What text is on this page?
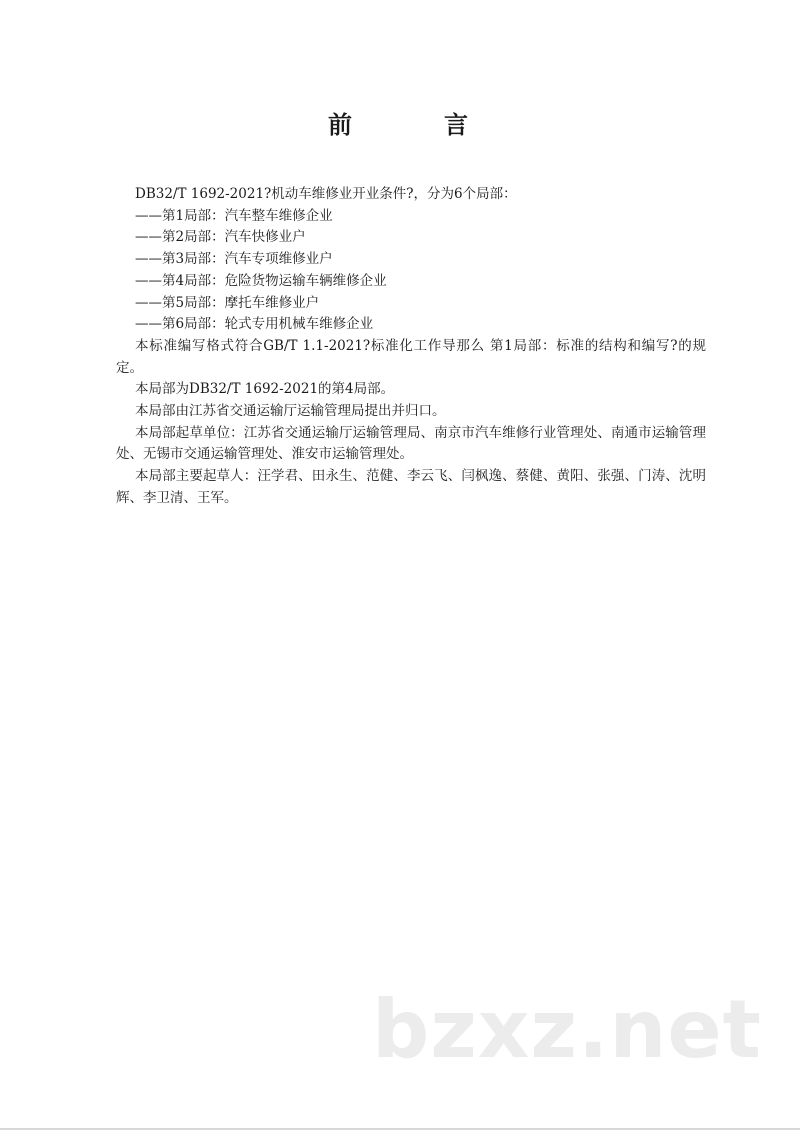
前　言

DB32/T 1692-2021?机动车维修业开业条件?，分为6个局部：

——第1局部：汽车整车维修企业

——第2局部：汽车快修业户

——第3局部：汽车专项维修业户

——第4局部：危险货物运输车辆维修企业

——第5局部：摩托车维修业户

——第6局部：轮式专用机械车维修企业

本标准编写格式符合GB/T 1.1-2021?标准化工作导那么 第1局部：标准的结构和编写?的规定。

本局部为DB32/T 1692-2021的第4局部。

本局部由江苏省交通运输厅运输管理局提出并归口。

本局部起草单位：江苏省交通运输厅运输管理局、南京市汽车维修行业管理处、南通市运输管理处、无锡市交通运输管理处、淮安市运输管理处。

本局部主要起草人：汪学君、田永生、范健、李云飞、闫枫逸、蔡健、黄阳、张强、门涛、沈明辉、李卫清、王军。

bzxz.net
